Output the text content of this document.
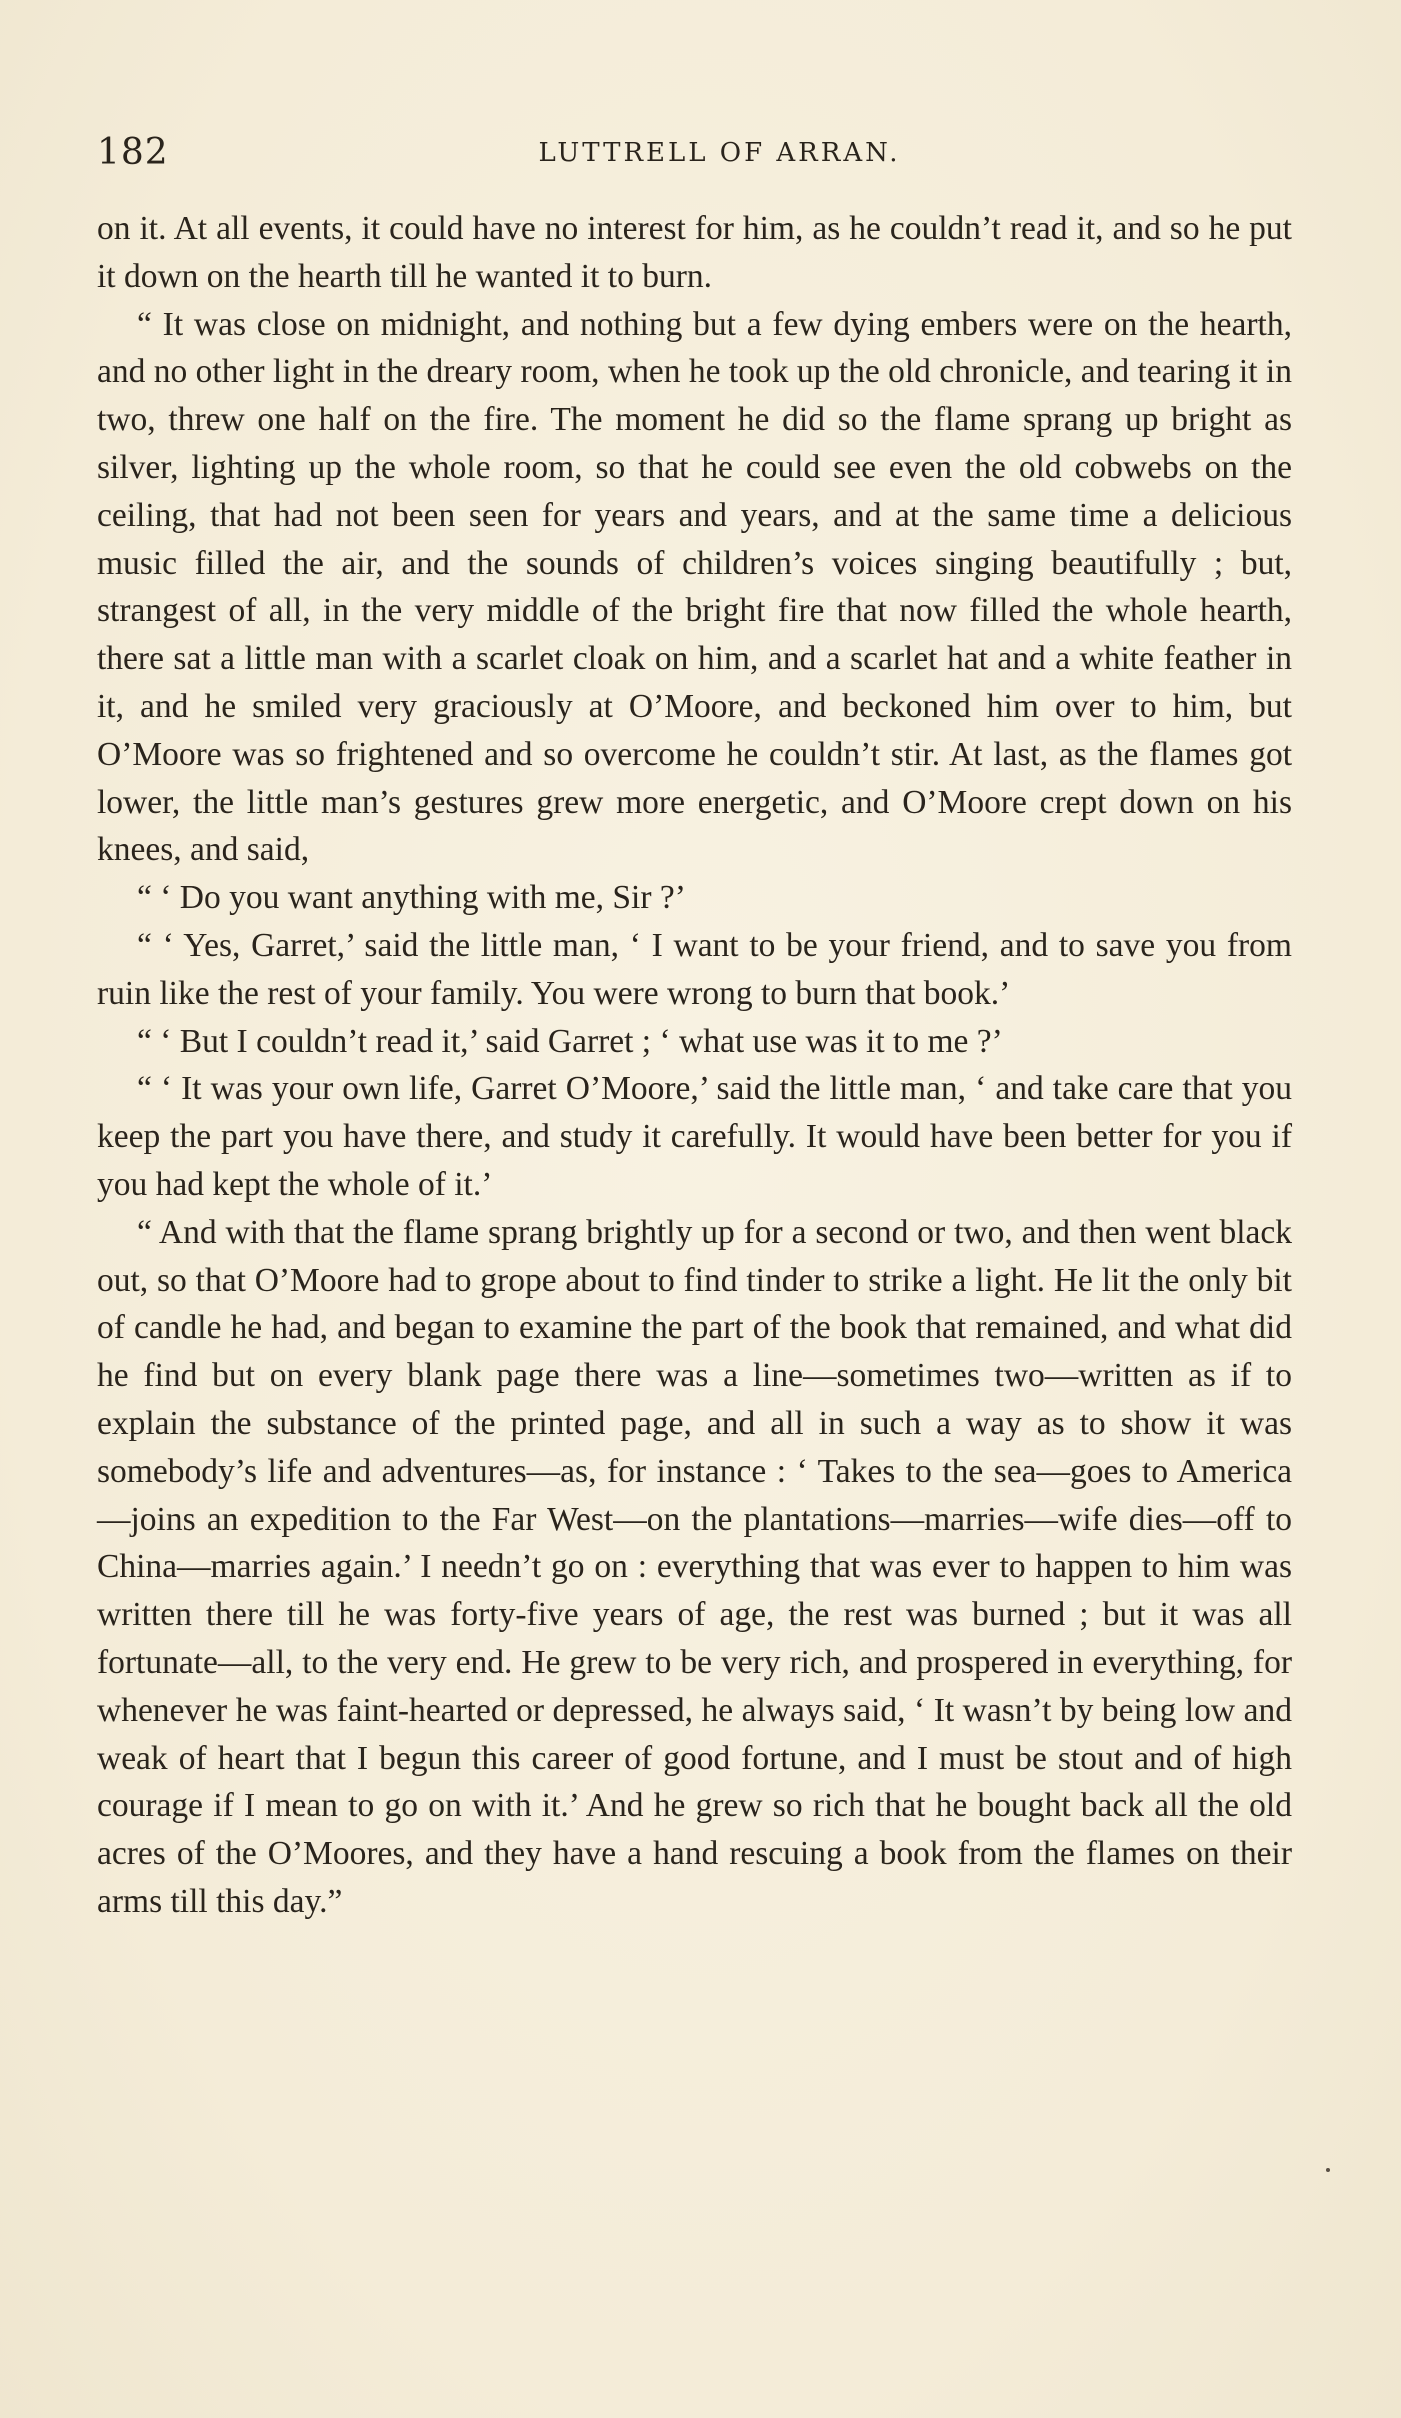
182	LUTTRELL OF ARRAN.

on it. At all events, it could have no interest for him, as he couldn’t read it, and so he put it down on the hearth till he wanted it to burn.

“ It was close on midnight, and nothing but a few dying embers were on the hearth, and no other light in the dreary room, when he took up the old chronicle, and tearing it in two, threw one half on the fire. The moment he did so the flame sprang up bright as silver, lighting up the whole room, so that he could see even the old cobwebs on the ceiling, that had not been seen for years and years, and at the same time a delicious music filled the air, and the sounds of children’s voices singing beautifully ; but, strangest of all, in the very middle of the bright fire that now filled the whole hearth, there sat a little man with a scarlet cloak on him, and a scarlet hat and a white feather in it, and he smiled very graciously at O’Moore, and beckoned him over to him, but O’Moore was so frightened and so overcome he couldn’t stir. At last, as the flames got lower, the little man’s gestures grew more energetic, and O’Moore crept down on his knees, and said,

“ ‘ Do you want anything with me, Sir ?’

“ ‘ Yes, Garret,’ said the little man, ‘ I want to be your friend, and to save you from ruin like the rest of your family. You were wrong to burn that book.’

“ ‘ But I couldn’t read it,’ said Garret ; ‘ what use was it to me ?’

“ ‘ It was your own life, Garret O’Moore,’ said the little man, ‘ and take care that you keep the part you have there, and study it carefully. It would have been better for you if you had kept the whole of it.’

“ And with that the flame sprang brightly up for a second or two, and then went black out, so that O’Moore had to grope about to find tinder to strike a light. He lit the only bit of candle he had, and began to examine the part of the book that remained, and what did he find but on every blank page there was a line—sometimes two—written as if to explain the substance of the printed page, and all in such a way as to show it was somebody’s life and adventures—as, for instance : ‘ Takes to the sea—goes to America—joins an expedition to the Far West—on the plantations—marries—wife dies—off to China—marries again.’ I needn’t go on : everything that was ever to happen to him was written there till he was forty-five years of age, the rest was burned ; but it was all fortunate—all, to the very end. He grew to be very rich, and prospered in everything, for whenever he was faint-hearted or depressed, he always said, ‘ It wasn’t by being low and weak of heart that I begun this career of good fortune, and I must be stout and of high courage if I mean to go on with it.’ And he grew so rich that he bought back all the old acres of the O’Moores, and they have a hand rescuing a book from the flames on their arms till this day.”
